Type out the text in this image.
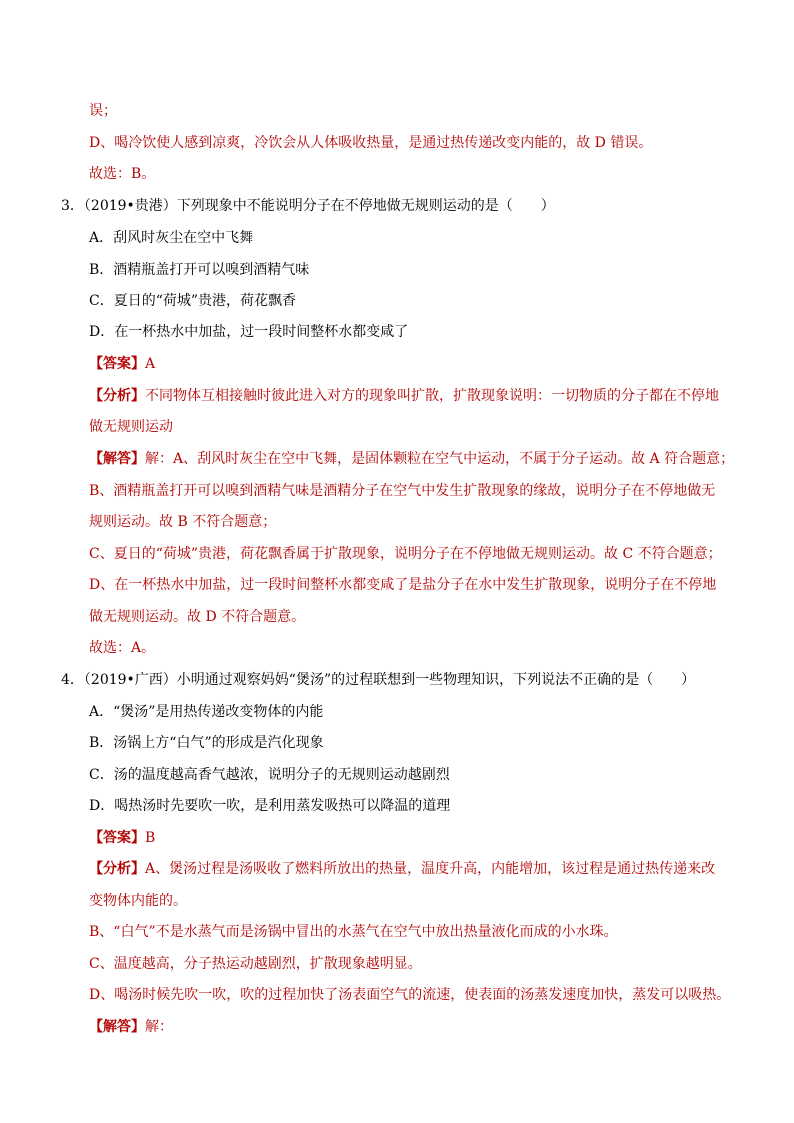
误；
D、喝冷饮使人感到凉爽，冷饮会从人体吸收热量，是通过热传递改变内能的，故 D 错误。
故选：B。
3．（2019•贵港）下列现象中不能说明分子在不停地做无规则运动的是（　　）
A．刮风时灰尘在空中飞舞
B．酒精瓶盖打开可以嗅到酒精气味
C．夏日的“荷城”贵港，荷花飘香
D．在一杯热水中加盐，过一段时间整杯水都变咸了
【答案】A
【分析】不同物体互相接触时彼此进入对方的现象叫扩散，扩散现象说明：一切物质的分子都在不停地
做无规则运动
【解答】解：A、刮风时灰尘在空中飞舞，是固体颗粒在空气中运动，不属于分子运动。故 A 符合题意；
B、酒精瓶盖打开可以嗅到酒精气味是酒精分子在空气中发生扩散现象的缘故，说明分子在不停地做无
规则运动。故 B 不符合题意；
C、夏日的“荷城”贵港，荷花飘香属于扩散现象，说明分子在不停地做无规则运动。故 C 不符合题意；
D、在一杯热水中加盐，过一段时间整杯水都变咸了是盐分子在水中发生扩散现象，说明分子在不停地
做无规则运动。故 D 不符合题意。
故选：A。
4．（2019•广西）小明通过观察妈妈“煲汤”的过程联想到一些物理知识，下列说法不正确的是（　　）
A．“煲汤”是用热传递改变物体的内能
B．汤锅上方“白气”的形成是汽化现象
C．汤的温度越高香气越浓，说明分子的无规则运动越剧烈
D．喝热汤时先要吹一吹，是利用蒸发吸热可以降温的道理
【答案】B
【分析】A、煲汤过程是汤吸收了燃料所放出的热量，温度升高，内能增加，该过程是通过热传递来改
变物体内能的。
B、“白气”不是水蒸气而是汤锅中冒出的水蒸气在空气中放出热量液化而成的小水珠。
C、温度越高，分子热运动越剧烈，扩散现象越明显。
D、喝汤时候先吹一吹，吹的过程加快了汤表面空气的流速，使表面的汤蒸发速度加快，蒸发可以吸热。
【解答】解：
